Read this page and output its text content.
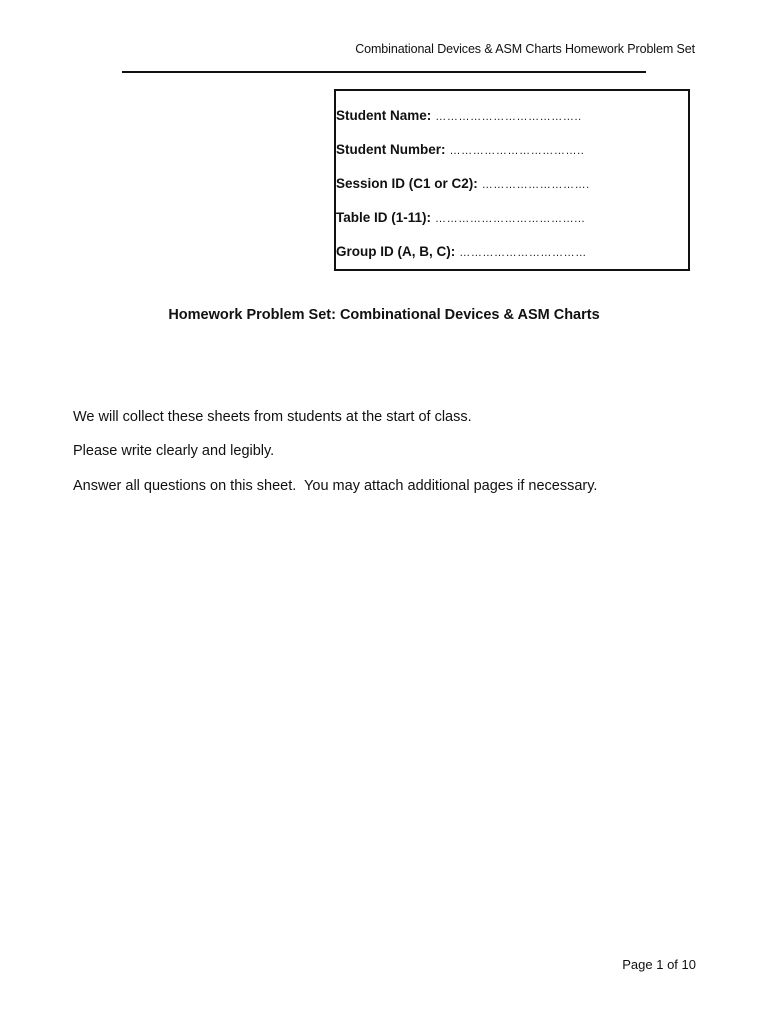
Combinational Devices & ASM Charts Homework Problem Set
Student Name: ………………………………..
Student Number: ……………………………..
Session ID (C1 or C2): ……………………….
Table ID (1-11): ………………………………...
Group ID (A, B, C): ……………………………
Homework Problem Set: Combinational Devices & ASM Charts
We will collect these sheets from students at the start of class.
Please write clearly and legibly.
Answer all questions on this sheet.  You may attach additional pages if necessary.
Page 1 of 10
